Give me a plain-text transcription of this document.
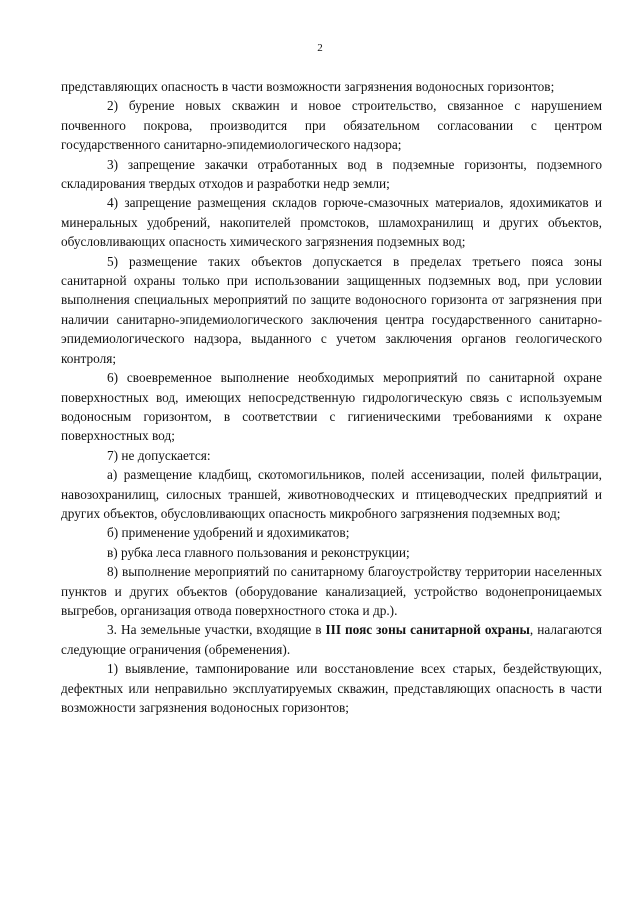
2

представляющих опасность в части возможности загрязнения водоносных горизонтов;

2) бурение новых скважин и новое строительство, связанное с нарушением почвенного покрова, производится при обязательном согласовании с центром государственного санитарно-эпидемиологического надзора;

3) запрещение закачки отработанных вод в подземные горизонты, подземного складирования твердых отходов и разработки недр земли;

4) запрещение размещения складов горюче-смазочных материалов, ядохимикатов и минеральных удобрений, накопителей промстоков, шламохранилищ и других объектов, обусловливающих опасность химического загрязнения подземных вод;

5) размещение таких объектов допускается в пределах третьего пояса зоны санитарной охраны только при использовании защищенных подземных вод, при условии выполнения специальных мероприятий по защите водоносного горизонта от загрязнения при наличии санитарно-эпидемиологического заключения центра государственного санитарно-эпидемиологического надзора, выданного с учетом заключения органов геологического контроля;

6) своевременное выполнение необходимых мероприятий по санитарной охране поверхностных вод, имеющих непосредственную гидрологическую связь с используемым водоносным горизонтом, в соответствии с гигиеническими требованиями к охране поверхностных вод;

7) не допускается:

а) размещение кладбищ, скотомогильников, полей ассенизации, полей фильтрации, навозохранилищ, силосных траншей, животноводческих и птицеводческих предприятий и других объектов, обусловливающих опасность микробного загрязнения подземных вод;

б) применение удобрений и ядохимикатов;

в) рубка леса главного пользования и реконструкции;

8) выполнение мероприятий по санитарному благоустройству территории населенных пунктов и других объектов (оборудование канализацией, устройство водонепроницаемых выгребов, организация отвода поверхностного стока и др.).

3. На земельные участки, входящие в III пояс зоны санитарной охраны, налагаются следующие ограничения (обременения).

1) выявление, тампонирование или восстановление всех старых, бездействующих, дефектных или неправильно эксплуатируемых скважин, представляющих опасность в части возможности загрязнения водоносных горизонтов;
